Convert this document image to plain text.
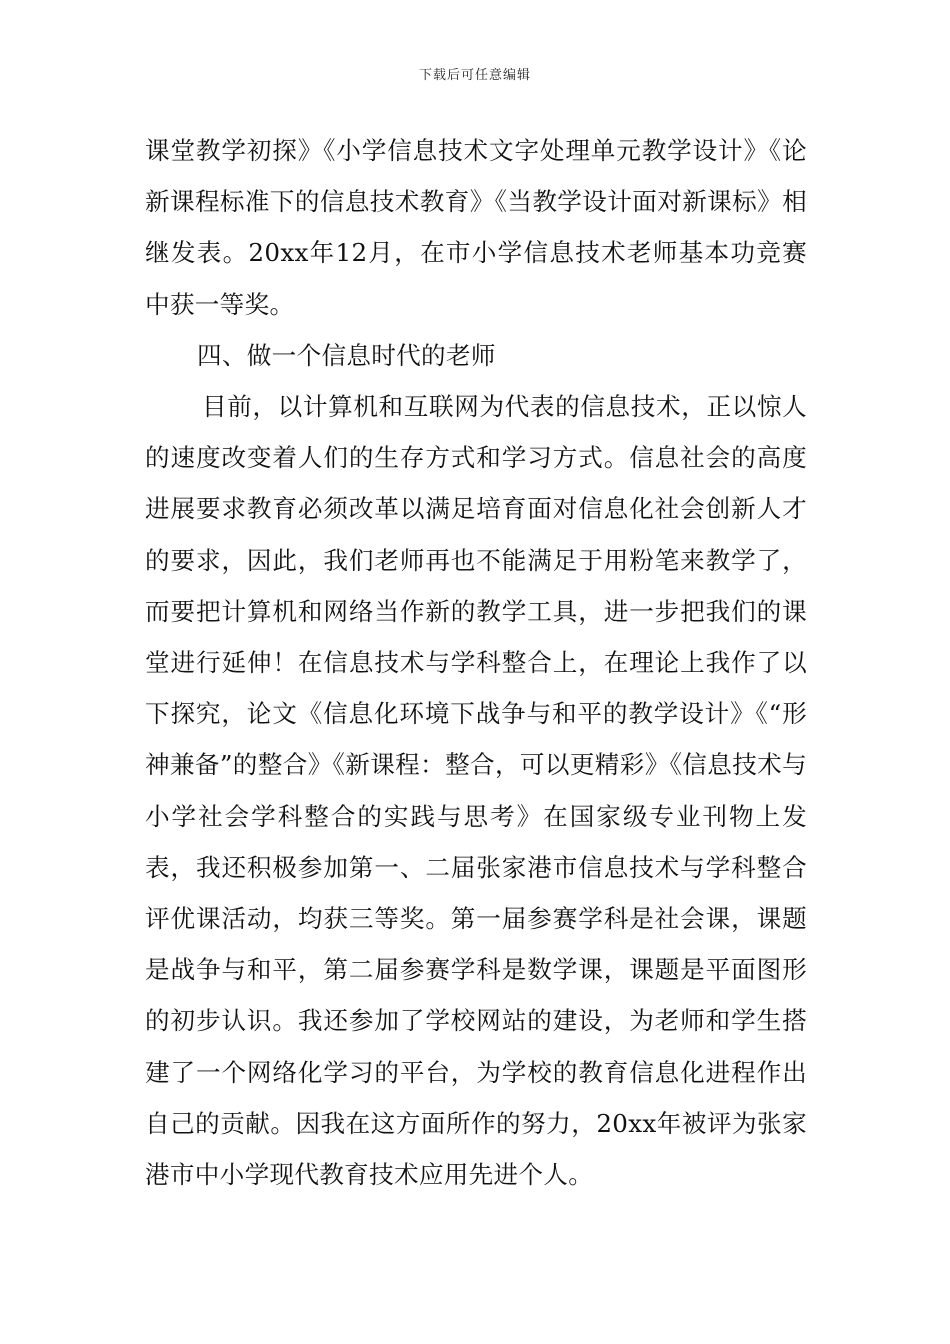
下载后可任意编辑

课堂教学初探》《小学信息技术文字处理单元教学设计》《论新课程标准下的信息技术教育》《当教学设计面对新课标》相继发表。20xx年12月，在市小学信息技术老师基本功竞赛中获一等奖。

四、做一个信息时代的老师

目前，以计算机和互联网为代表的信息技术，正以惊人的速度改变着人们的生存方式和学习方式。信息社会的高度进展要求教育必须改革以满足培育面对信息化社会创新人才的要求，因此，我们老师再也不能满足于用粉笔来教学了，而要把计算机和网络当作新的教学工具，进一步把我们的课堂进行延伸！在信息技术与学科整合上，在理论上我作了以下探究，论文《信息化环境下战争与和平的教学设计》《“形神兼备”的整合》《新课程：整合，可以更精彩》《信息技术与小学社会学科整合的实践与思考》在国家级专业刊物上发表，我还积极参加第一、二届张家港市信息技术与学科整合评优课活动，均获三等奖。第一届参赛学科是社会课，课题是战争与和平，第二届参赛学科是数学课，课题是平面图形的初步认识。我还参加了学校网站的建设，为老师和学生搭建了一个网络化学习的平台，为学校的教育信息化进程作出自己的贡献。因我在这方面所作的努力，20xx年被评为张家港市中小学现代教育技术应用先进个人。
